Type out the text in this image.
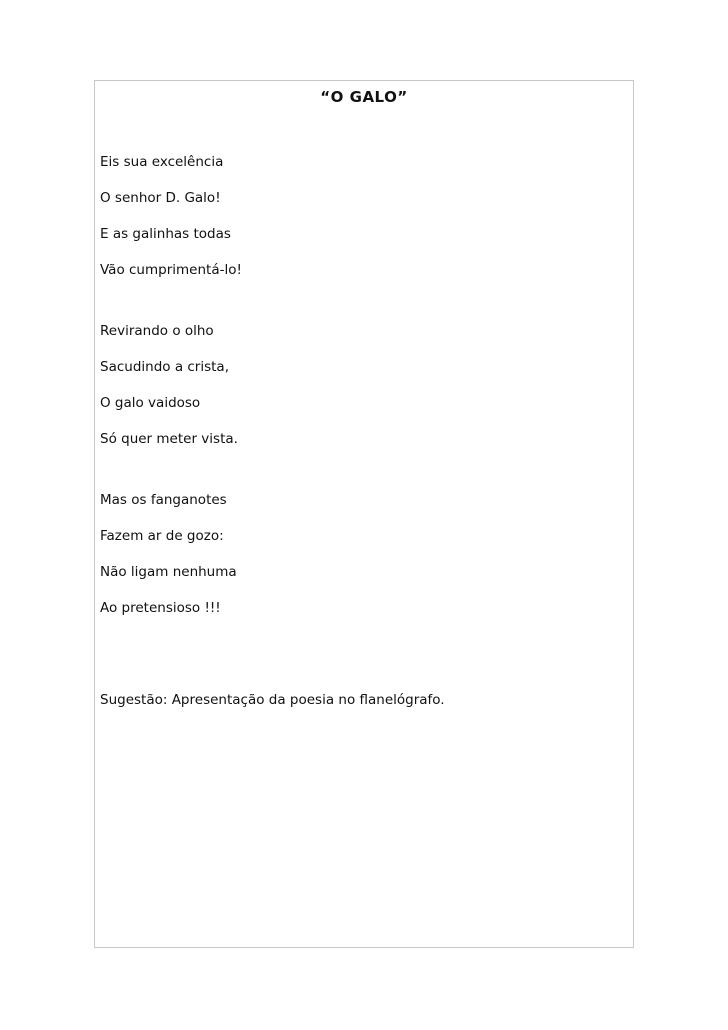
“O GALO”
Eis sua excelência
O senhor D. Galo!
E as galinhas todas
Vão cumprimentá-lo!
Revirando o olho
Sacudindo a crista,
O galo vaidoso
Só quer meter vista.
Mas os fanganotes
Fazem ar de gozo:
Não ligam nenhuma
Ao pretensioso !!!
Sugestão: Apresentação da poesia no flanelógrafo.
